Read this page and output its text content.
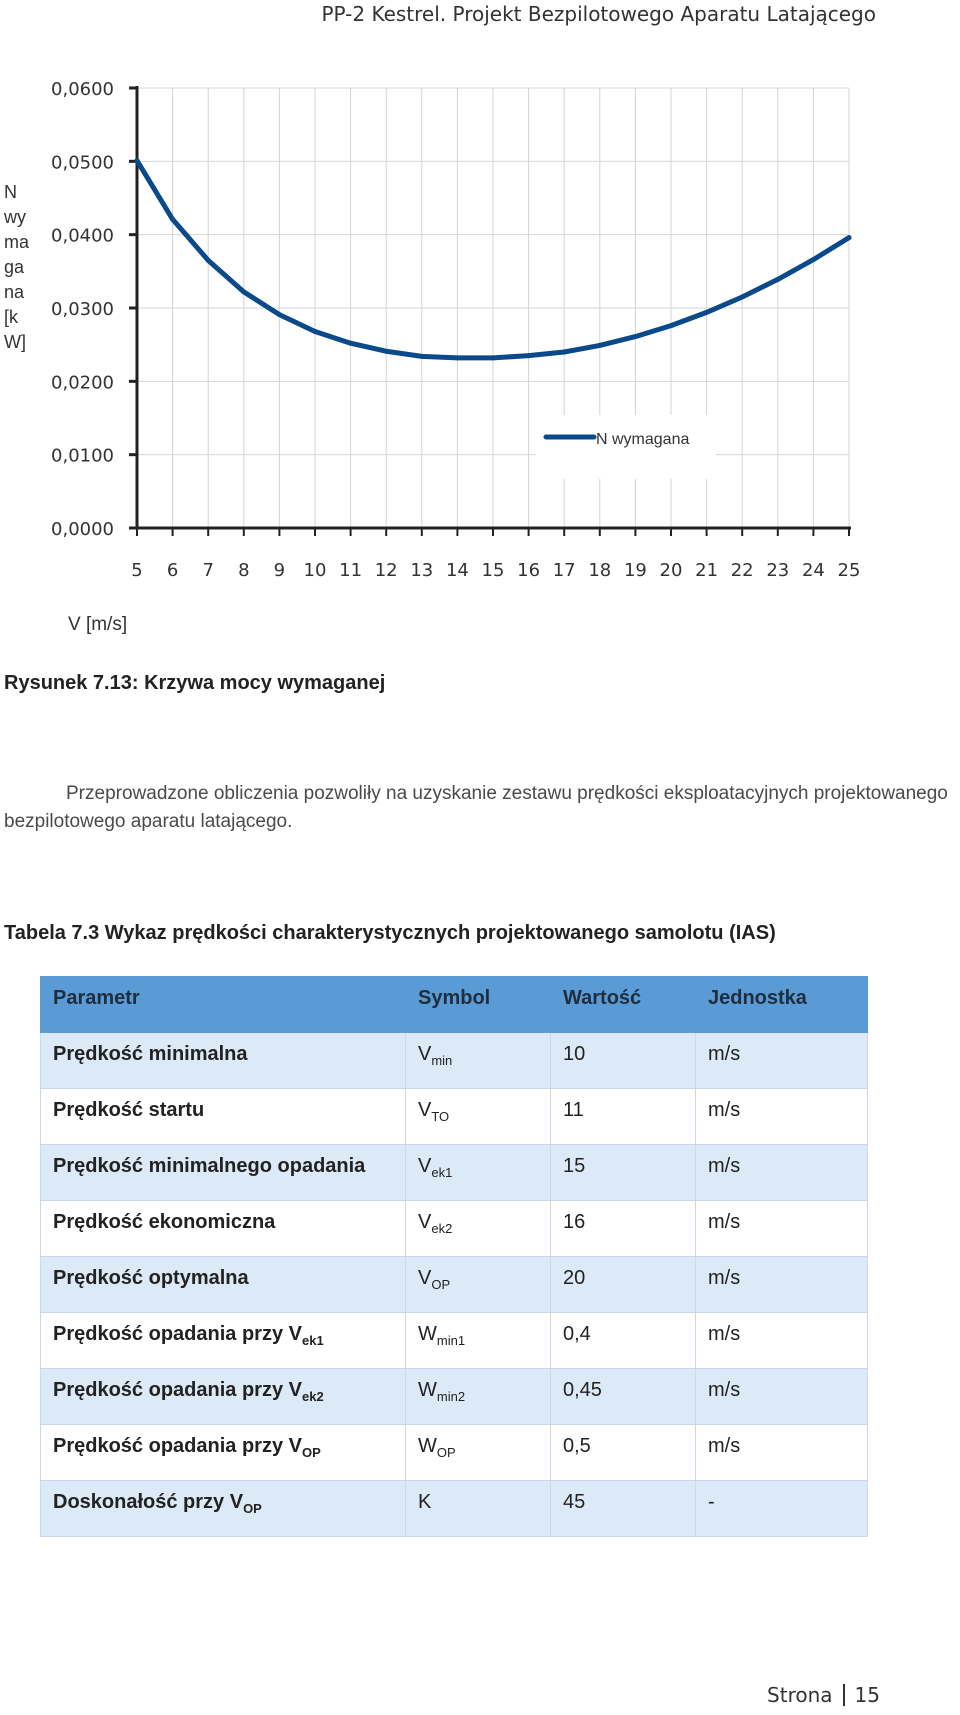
PP-2 Kestrel. Projekt Bezpilotowego Aparatu Latającego
0,0000
0,0100
0,0200
0,0300
0,0400
0,0500
0,0600
5 6 7 8 9 10 11 12 13 14 15 16 17 18 19 20 21 22 23 24 25
N wymagana
N
wy
ma
ga
na
[k
W]
V [m/s]
Rysunek 7.13: Krzywa mocy wymaganej
Przeprowadzone obliczenia pozwoliły na uzyskanie zestawu prędkości eksploatacyjnych projektowanego bezpilotowego aparatu latającego.
Tabela 7.3 Wykaz prędkości charakterystycznych projektowanego samolotu (IAS)
Parametr	Symbol	Wartość	Jednostka
Prędkość minimalna	$V_{min}$	10	m/s
Prędkość startu	$V_{TO}$	11	m/s
Prędkość minimalnego opadania	$V_{ek1}$	15	m/s
Prędkość ekonomiczna	$V_{ek2}$	16	m/s
Prędkość optymalna	$V_{OP}$	20	m/s
Prędkość opadania przy $V_{ek1}$	$W_{min1}$	0,4	m/s
Prędkość opadania przy $V_{ek2}$	$W_{min2}$	0,45	m/s
Prędkość opadania przy $V_{OP}$	$W_{OP}$	0,5	m/s
Doskonałość przy $V_{OP}$	K	45	-
Strona 15
